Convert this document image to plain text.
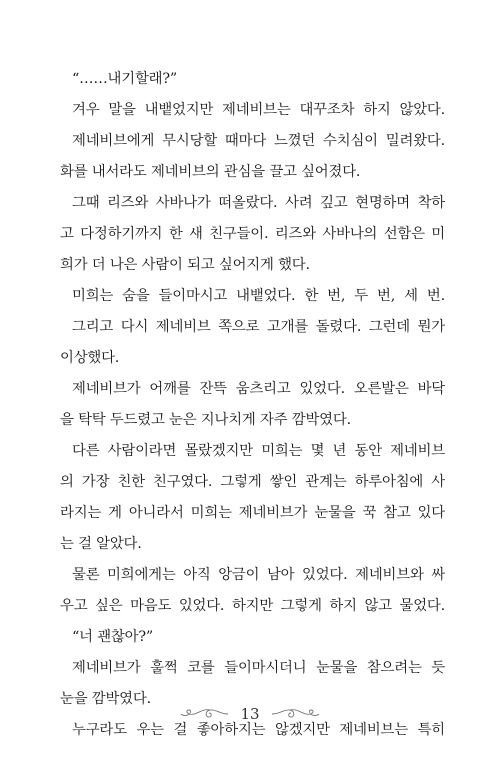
“……내기할래?”
겨우 말을 내뱉었지만 제네비브는 대꾸조차 하지 않았다.
제네비브에게 무시당할 때마다 느꼈던 수치심이 밀려왔다.
화를 내서라도 제네비브의 관심을 끌고 싶어졌다.
그때 리즈와 사바나가 떠올랐다. 사려 깊고 현명하며 착하
고 다정하기까지 한 새 친구들이. 리즈와 사바나의 선함은 미
희가 더 나은 사람이 되고 싶어지게 했다.
미희는 숨을 들이마시고 내뱉었다. 한 번, 두 번, 세 번.
그리고 다시 제네비브 쪽으로 고개를 돌렸다. 그런데 뭔가
이상했다.
제네비브가 어깨를 잔뜩 움츠리고 있었다. 오른발은 바닥
을 탁탁 두드렸고 눈은 지나치게 자주 깜박였다.
다른 사람이라면 몰랐겠지만 미희는 몇 년 동안 제네비브
의 가장 친한 친구였다. 그렇게 쌓인 관계는 하루아침에 사
라지는 게 아니라서 미희는 제네비브가 눈물을 꾹 참고 있다
는 걸 알았다.
물론 미희에게는 아직 앙금이 남아 있었다. 제네비브와 싸
우고 싶은 마음도 있었다. 하지만 그렇게 하지 않고 물었다.
“너 괜찮아?”
제네비브가 훌쩍 코를 들이마시더니 눈물을 참으려는 듯
눈을 깜박였다.
누구라도 우는 걸 좋아하지는 않겠지만 제네비브는 특히
13
